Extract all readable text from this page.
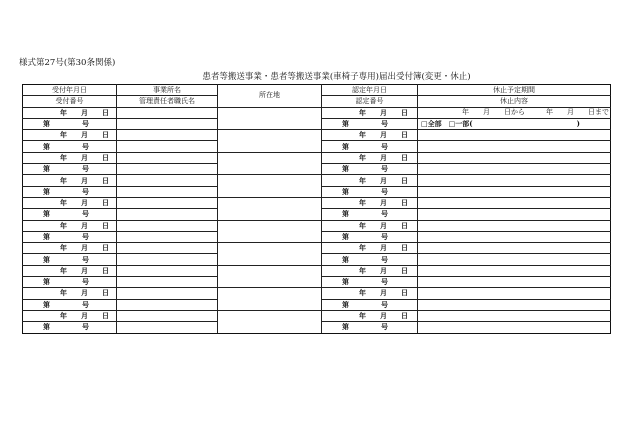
様式第27号(第30条関係)
患者等搬送事業・患者等搬送事業(車椅子専用)届出受付簿(変更・休止)
受付年月日	事業所名	所在地	認定年月日	休止予定期間
受付番号	管理責任者職氏名		認定番号	休止内容
年 月 日			年 月 日	年　　 月　　 日から　　　 年　　 月　　 日まで
第 号			第 号	□全部　 □一部( )
年 月 日			年 月 日	
第 号			第 号	
年 月 日			年 月 日	
第 号			第 号	
年 月 日			年 月 日	
第 号			第 号	
年 月 日			年 月 日	
第 号			第 号	
年 月 日			年 月 日	
第 号			第 号	
年 月 日			年 月 日	
第 号			第 号	
年 月 日			年 月 日	
第 号			第 号	
年 月 日			年 月 日	
第 号			第 号	
年 月 日			年 月 日	
第 号			第 号	
